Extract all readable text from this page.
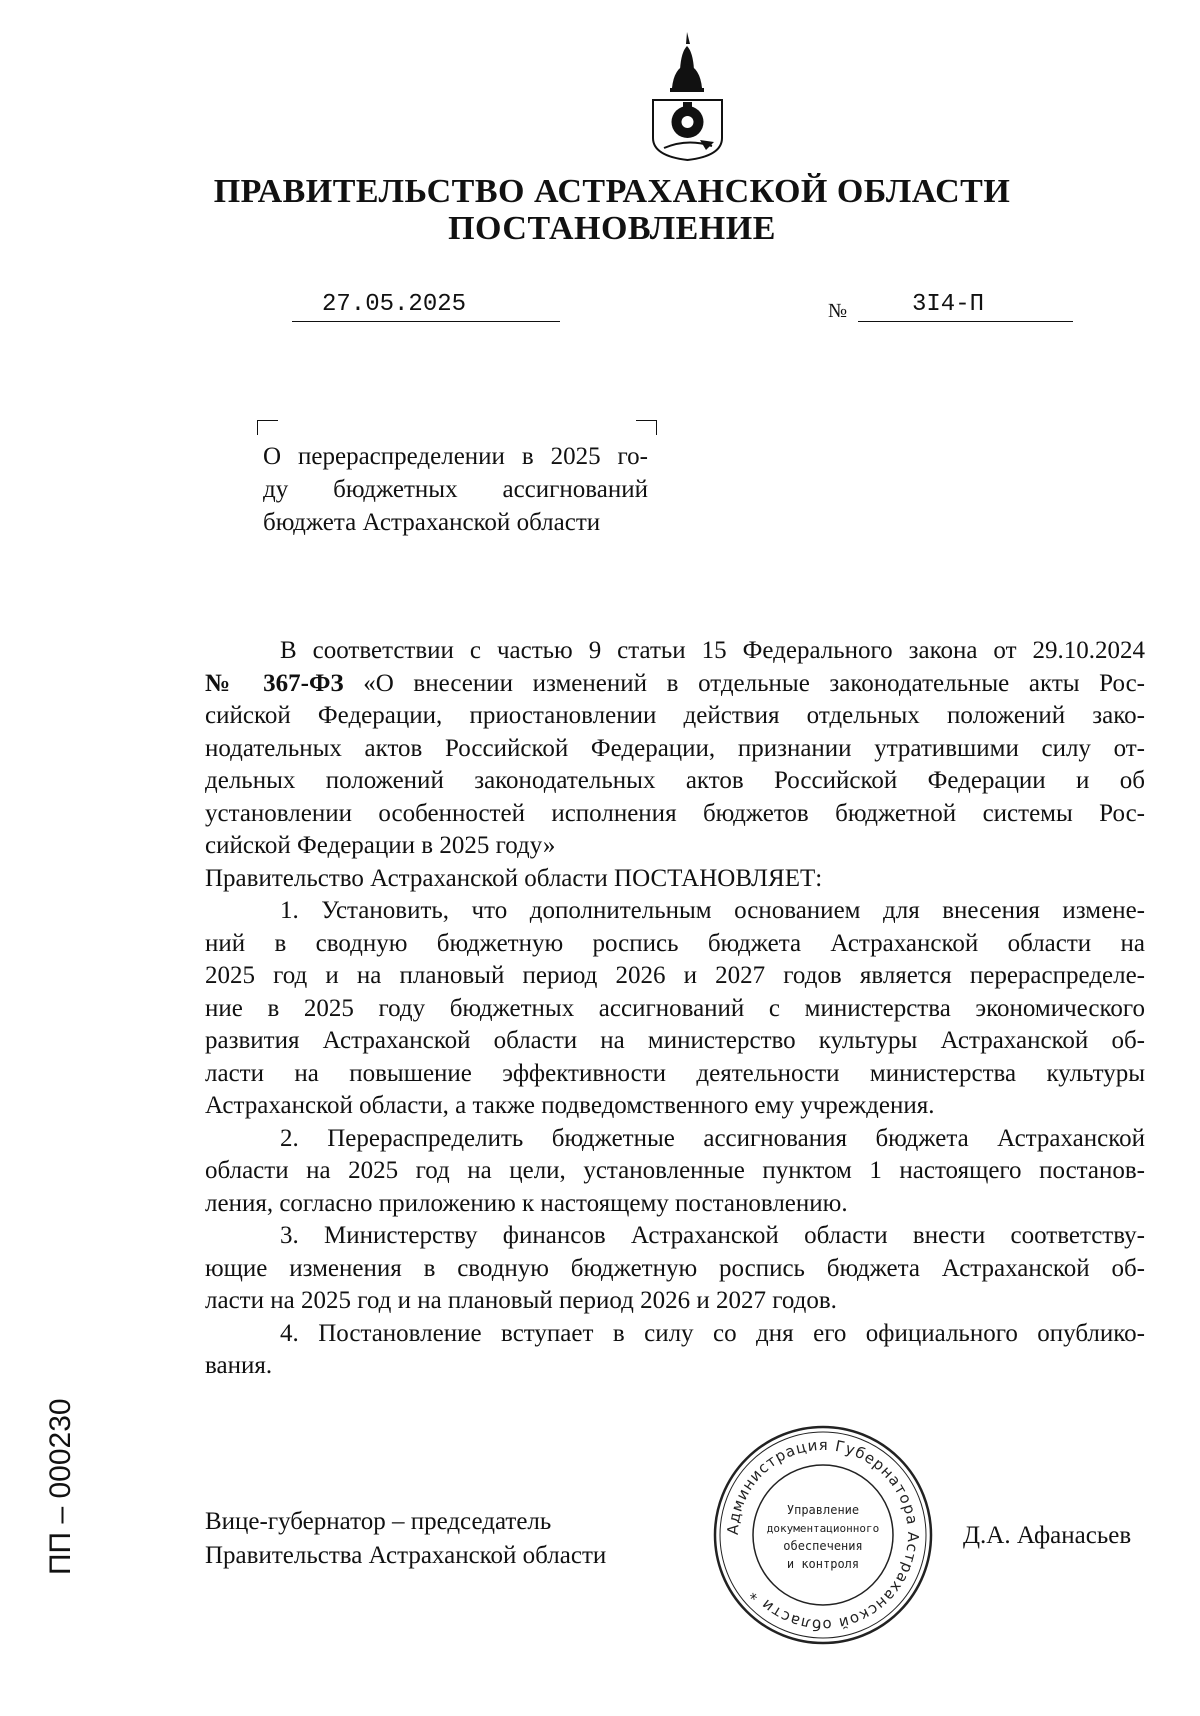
ПРАВИТЕЛЬСТВО АСТРАХАНСКОЙ ОБЛАСТИ
ПОСТАНОВЛЕНИЕ
27.05.2025	№	3I4-П
О перераспределении в 2025 го-
ду бюджетных ассигнований
бюджета Астраханской области
В соответствии с частью 9 статьи 15 Федерального закона от 29.10.2024
№ 367-ФЗ «О внесении изменений в отдельные законодательные акты Рос-
сийской Федерации, приостановлении действия отдельных положений зако-
нодательных актов Российской Федерации, признании утратившими силу от-
дельных положений законодательных актов Российской Федерации и об
установлении особенностей исполнения бюджетов бюджетной системы Рос-
сийской Федерации в 2025 году»
Правительство Астраханской области ПОСТАНОВЛЯЕТ:
1. Установить, что дополнительным основанием для внесения измене-
ний в сводную бюджетную роспись бюджета Астраханской области на
2025 год и на плановый период 2026 и 2027 годов является перераспределе-
ние в 2025 году бюджетных ассигнований с министерства экономического
развития Астраханской области на министерство культуры Астраханской об-
ласти на повышение эффективности деятельности министерства культуры
Астраханской области, а также подведомственного ему учреждения.
2. Перераспределить бюджетные ассигнования бюджета Астраханской
области на 2025 год на цели, установленные пунктом 1 настоящего постанов-
ления, согласно приложению к настоящему постановлению.
3. Министерству финансов Астраханской области внести соответству-
ющие изменения в сводную бюджетную роспись бюджета Астраханской об-
ласти на 2025 год и на плановый период 2026 и 2027 годов.
4. Постановление вступает в силу со дня его официального опублико-
вания.
Вице-губернатор – председатель
Правительства Астраханской области
Д.А. Афанасьев
Администрация Губернатора Астраханской области *
Управление
документационного
обеспечения
и контроля
ПП – 000230
